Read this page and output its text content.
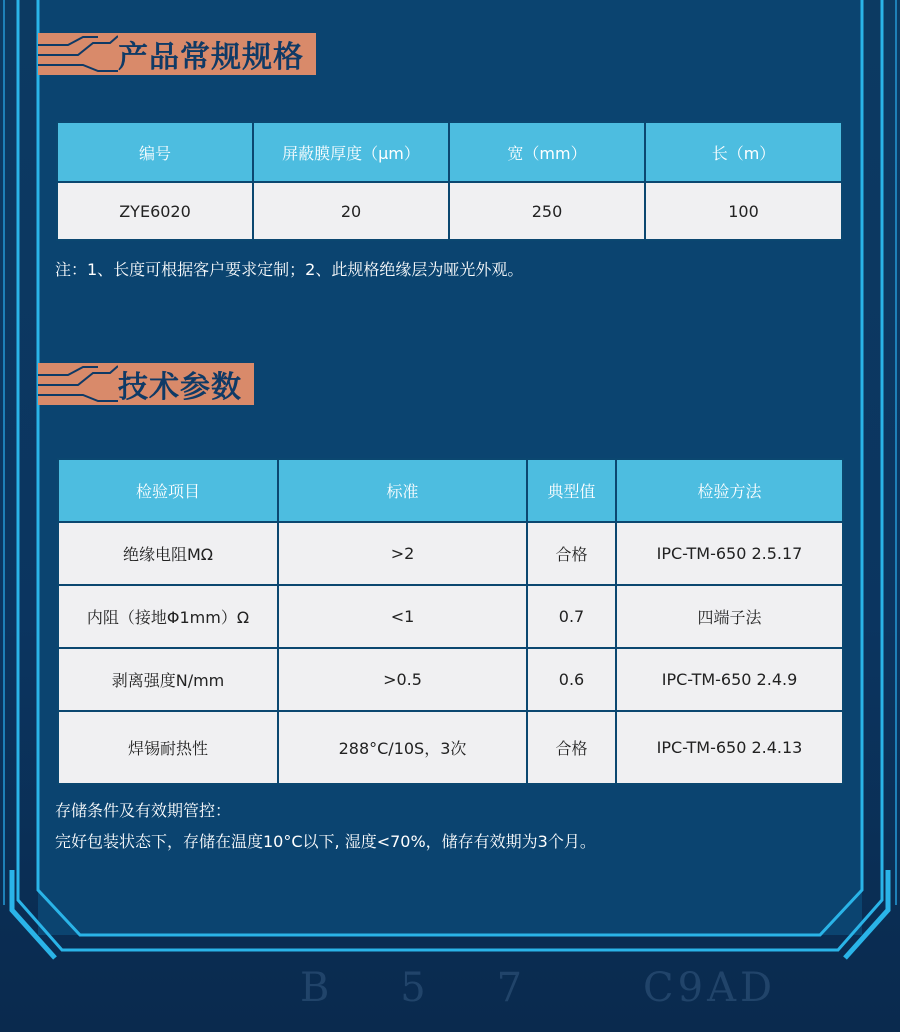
B    5    7       C9AD
产品常规规格
编号	屏蔽膜厚度（μm）	宽（mm）	长（m）
ZYE6020	20	250	100
注：1、长度可根据客户要求定制；2、此规格绝缘层为哑光外观。
技术参数
检验项目	标准	典型值	检验方法
绝缘电阻MΩ	>2	合格	IPC-TM-650 2.5.17
内阻（接地Φ1mm）Ω	<1	0.7	四端子法
剥离强度N/mm	>0.5	0.6	IPC-TM-650 2.4.9
焊锡耐热性	288°C/10S，3次	合格	IPC-TM-650 2.4.13
存储条件及有效期管控：
完好包装状态下，存储在温度10°C以下, 湿度<70%，储存有效期为3个月。
